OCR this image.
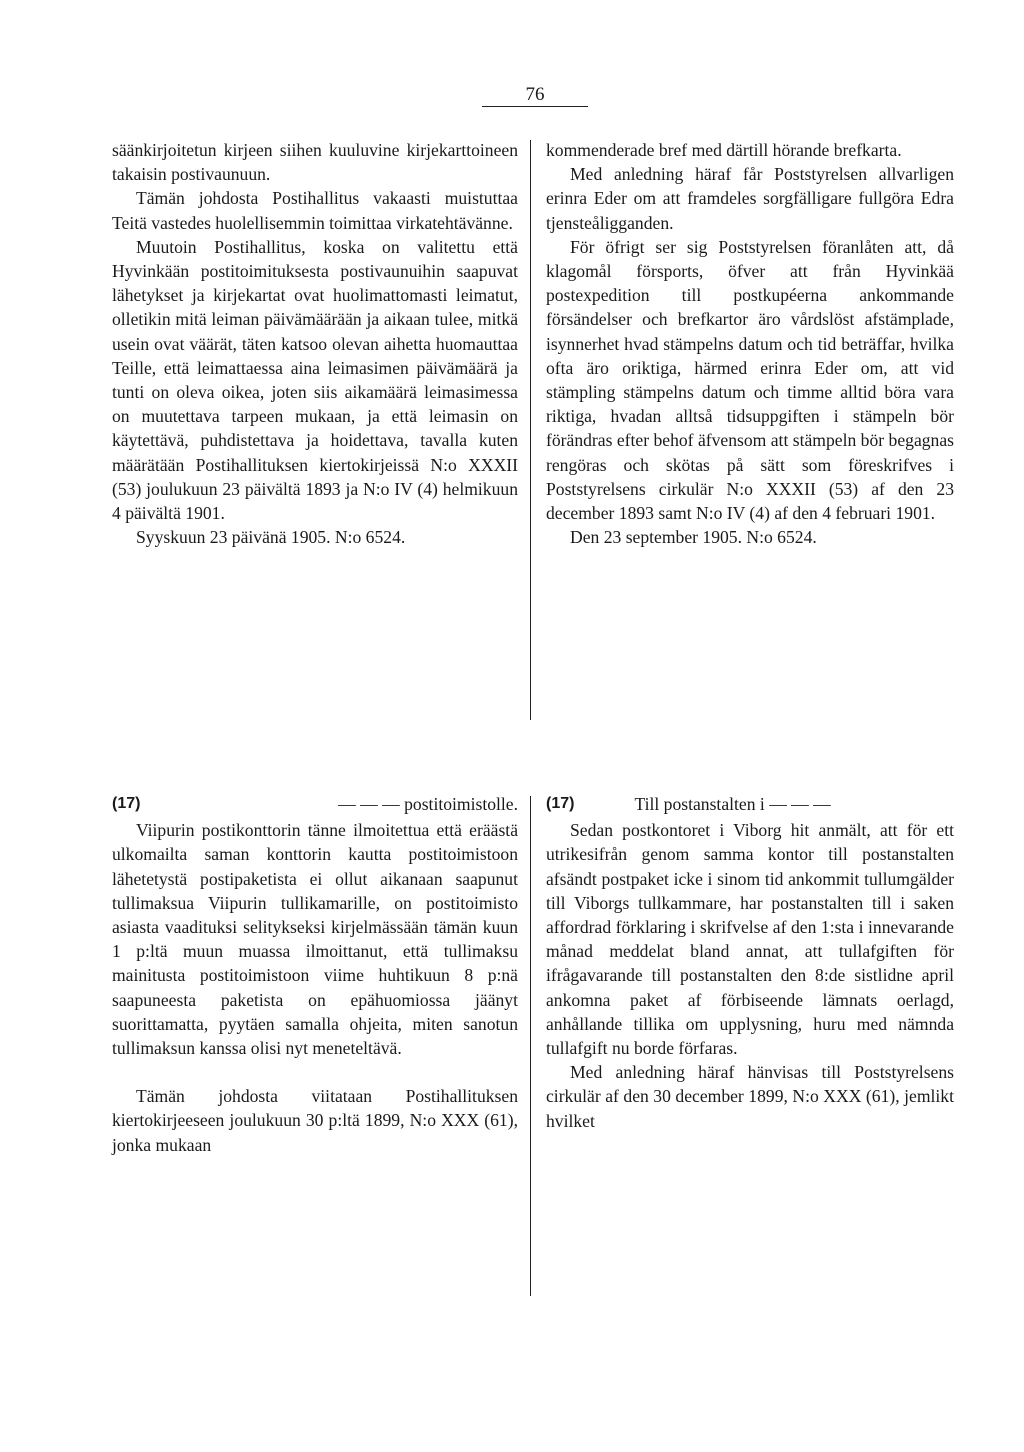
76

säänkirjoitetun kirjeen siihen kuuluvine kirjekarttoineen takaisin postivaunuun.

Tämän johdosta Postihallitus vakaasti muistuttaa Teitä vastedes huolellisemmin toimittaa virkatehtävänne.

Muutoin Postihallitus, koska on valitettu että Hyvinkään postitoimituksesta postivaunuihin saapuvat lähetykset ja kirjekartat ovat huolimattomasti leimatut, olletikin mitä leiman päivämäärään ja aikaan tulee, mitkä usein ovat väärät, täten katsoo olevan aihetta huomauttaa Teille, että leimattaessa aina leimasimen päivämäärä ja tunti on oleva oikea, joten siis aikamäärä leimasimessa on muutettava tarpeen mukaan, ja että leimasin on käytettävä, puhdistettava ja hoidettava, tavalla kuten määrätään Postihallituksen kiertokirjeissä N:o XXXII (53) joulukuun 23 päivältä 1893 ja N:o IV (4) helmikuun 4 päivältä 1901.

Syyskuun 23 päivänä 1905. N:o 6524.

kommenderade bref med därtill hörande brefkarta.

Med anledning häraf får Poststyrelsen allvarligen erinra Eder om att framdeles sorgfälligare fullgöra Edra tjensteåligganden.

För öfrigt ser sig Poststyrelsen föranlåten att, då klagomål försports, öfver att från Hyvinkää postexpedition till postkupéerna ankommande försändelser och brefkartor äro vårdslöst afstämplade, isynnerhet hvad stämpelns datum och tid beträffar, hvilka ofta äro oriktiga, härmed erinra Eder om, att vid stämpling stämpelns datum och timme alltid böra vara riktiga, hvadan alltså tidsuppgiften i stämpeln bör förändras efter behof äfvensom att stämpeln bör begagnas rengöras och skötas på sätt som föreskrifves i Poststyrelsens cirkulär N:o XXXII (53) af den 23 december 1893 samt N:o IV (4) af den 4 februari 1901.

Den 23 september 1905. N:o 6524.

(17)	— — — postitoimistolle.

Viipurin postikonttorin tänne ilmoitettua että eräästä ulkomailta saman konttorin kautta postitoimistoon lähetetystä postipaketista ei ollut aikanaan saapunut tullimaksua Viipurin tullikamarille, on postitoimisto asiasta vaadituksi selitykseksi kirjelmässään tämän kuun 1 p:ltä muun muassa ilmoittanut, että tullimaksu mainitusta postitoimistoon viime huhtikuun 8 p:nä saapuneesta paketista on epähuomiossa jäänyt suorittamatta, pyytäen samalla ohjeita, miten sanotun tullimaksun kanssa olisi nyt meneteltävä.

Tämän johdosta viitataan Postihallituksen kiertokirjeeseen joulukuun 30 p:ltä 1899, N:o XXX (61), jonka mukaan

(17)	Till postanstalten i — — —

Sedan postkontoret i Viborg hit anmält, att för ett utrikesifrån genom samma kontor till postanstalten afsändt postpaket icke i sinom tid ankommit tullumgälder till Viborgs tullkammare, har postanstalten till i saken affordrad förklaring i skrifvelse af den 1:sta i innevarande månad meddelat bland annat, att tullafgiften för ifrågavarande till postanstalten den 8:de sistlidne april ankomna paket af förbiseende lämnats oerlagd, anhållande tillika om upplysning, huru med nämnda tullafgift nu borde förfaras.

Med anledning häraf hänvisas till Poststyrelsens cirkulär af den 30 december 1899, N:o XXX (61), jemlikt hvilket
